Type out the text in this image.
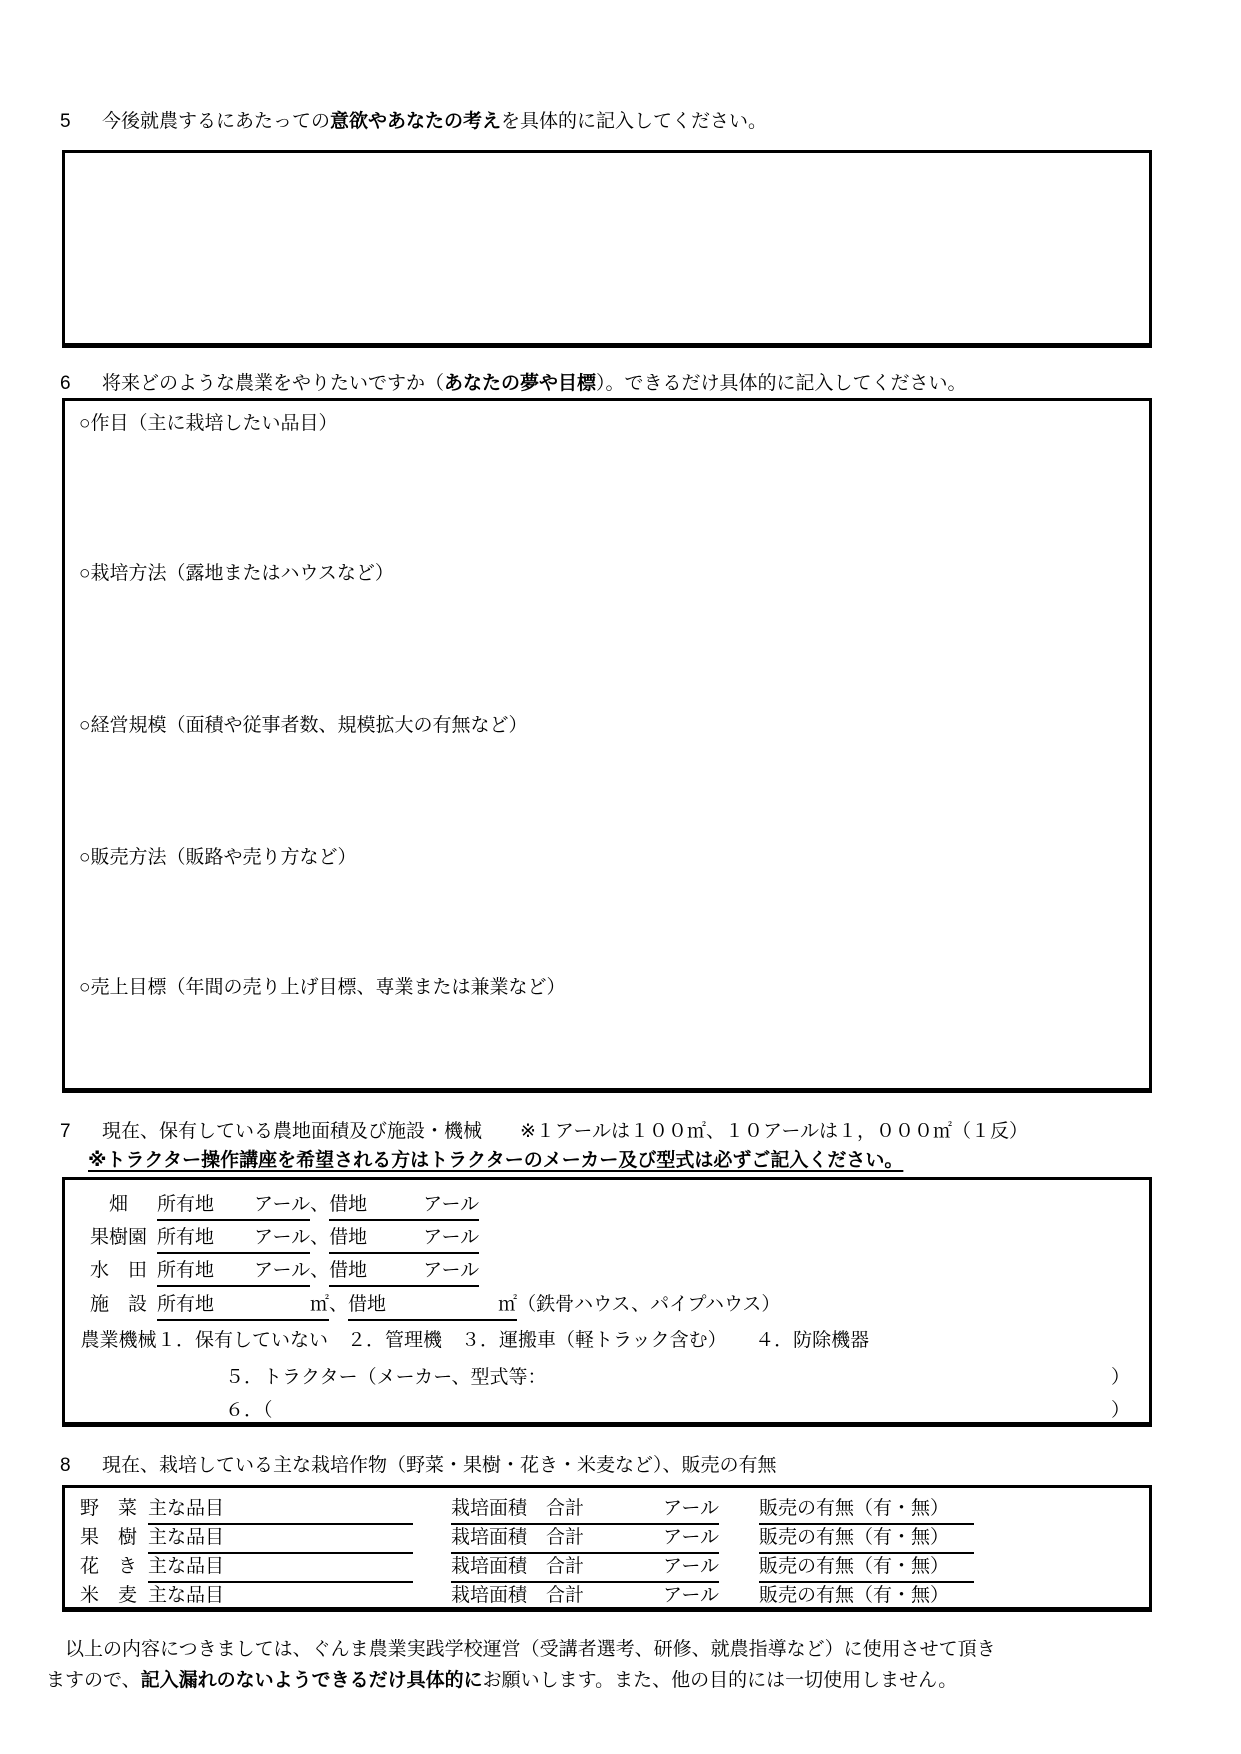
5 今後就農するにあたっての意欲やあなたの考えを具体的に記入してください。
6 将来どのような農業をやりたいですか（あなたの夢や目標）。できるだけ具体的に記入してください。
○作目（主に栽培したい品目）
○栽培方法（露地またはハウスなど）
○経営規模（面積や従事者数、規模拡大の有無など）
○販売方法（販路や売り方など）
○売上目標（年間の売り上げ目標、専業または兼業など）
7 現在、保有している農地面積及び施設・機械　　※１アールは１００㎡、１０アールは１，０００㎡（１反）
※トラクター操作講座を希望される方はトラクターのメーカー及び型式は必ずご記入ください。
畑	所有地 アール 、 借地	アール
果樹園 所有地 アール 、 借地	アール
水　田 所有地 アール 、 借地	アール
施　設 所有地	㎡ 、 借地	㎡ （鉄骨ハウス、パイプハウス）
農業機械 １．保有していない　２．管理機　３．運搬車（軽トラック含む）　　４．防除機器
５．トラクター（メーカー、型式等：	）
６．（	）
8 現在、栽培している主な栽培作物（野菜・果樹・花き・米麦など）、販売の有無
野　菜 主な品目	栽培面積　合計	アール 販売の有無（有・無）
果　樹 主な品目	栽培面積　合計	アール 販売の有無（有・無）
花　き 主な品目	栽培面積　合計	アール 販売の有無（有・無）
米　麦 主な品目	栽培面積　合計	アール 販売の有無（有・無）
　以上の内容につきましては、ぐんま農業実践学校運営（受講者選考、研修、就農指導など）に使用させて頂き
ますので、記入漏れのないようできるだけ具体的にお願いします。また、他の目的には一切使用しません。
